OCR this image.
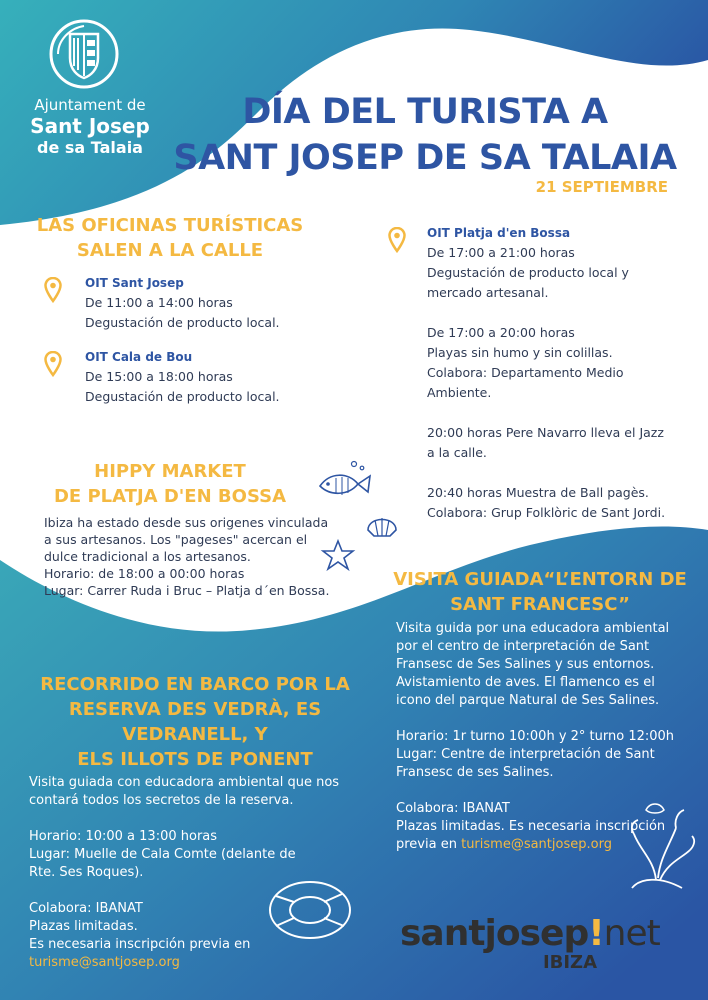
Ajuntament de
Sant Josep
de sa Talaia
DÍA DEL TURISTA A
SANT JOSEP DE SA TALAIA
21 SEPTIEMBRE
LAS OFICINAS TURÍSTICAS
SALEN A LA CALLE
OIT Sant Josep
De 11:00 a 14:00 horas
Degustación de producto local.
OIT Cala de Bou
De 15:00 a 18:00 horas
Degustación de producto local.
OIT Platja d'en Bossa
De 17:00 a 21:00 horas
Degustación de producto local y
mercado artesanal.

De 17:00 a 20:00 horas
Playas sin humo y sin colillas.
Colabora: Departamento Medio
Ambiente.

20:00 horas Pere Navarro lleva el Jazz
a la calle.

20:40 horas Muestra de Ball pagès.
Colabora: Grup Folklòric de Sant Jordi.
HIPPY MARKET
DE PLATJA D'EN BOSSA
Ibiza ha estado desde sus origenes vinculada
a sus artesanos. Los "pageses" acercan el
dulce tradicional a los artesanos.
Horario: de 18:00 a 00:00 horas
Lugar: Carrer Ruda i Bruc – Platja d´en Bossa.
VISITA GUIADA“L’ENTORN DE
SANT FRANCESC”
Visita guida por una educadora ambiental
por el centro de interpretación de Sant
Fransesc de Ses Salines y sus entornos.
Avistamiento de aves. El flamenco es el
icono del parque Natural de Ses Salines.

Horario: 1r turno 10:00h y 2° turno 12:00h
Lugar: Centre de interpretación de Sant
Fransesc de ses Salines.

Colabora: IBANAT
Plazas limitadas. Es necesaria inscripción
previa en turisme@santjosep.org
RECORRIDO EN BARCO POR LA
RESERVA DES VEDRÀ, ES
VEDRANELL, Y
ELS ILLOTS DE PONENT
Visita guiada con educadora ambiental que nos
contará todos los secretos de la reserva.

Horario: 10:00 a 13:00 horas
Lugar: Muelle de Cala Comte (delante de
Rte. Ses Roques).

Colabora: IBANAT
Plazas limitadas.
Es necesaria inscripción previa en
turisme@santjosep.org
santjosep!net
IBIZA
